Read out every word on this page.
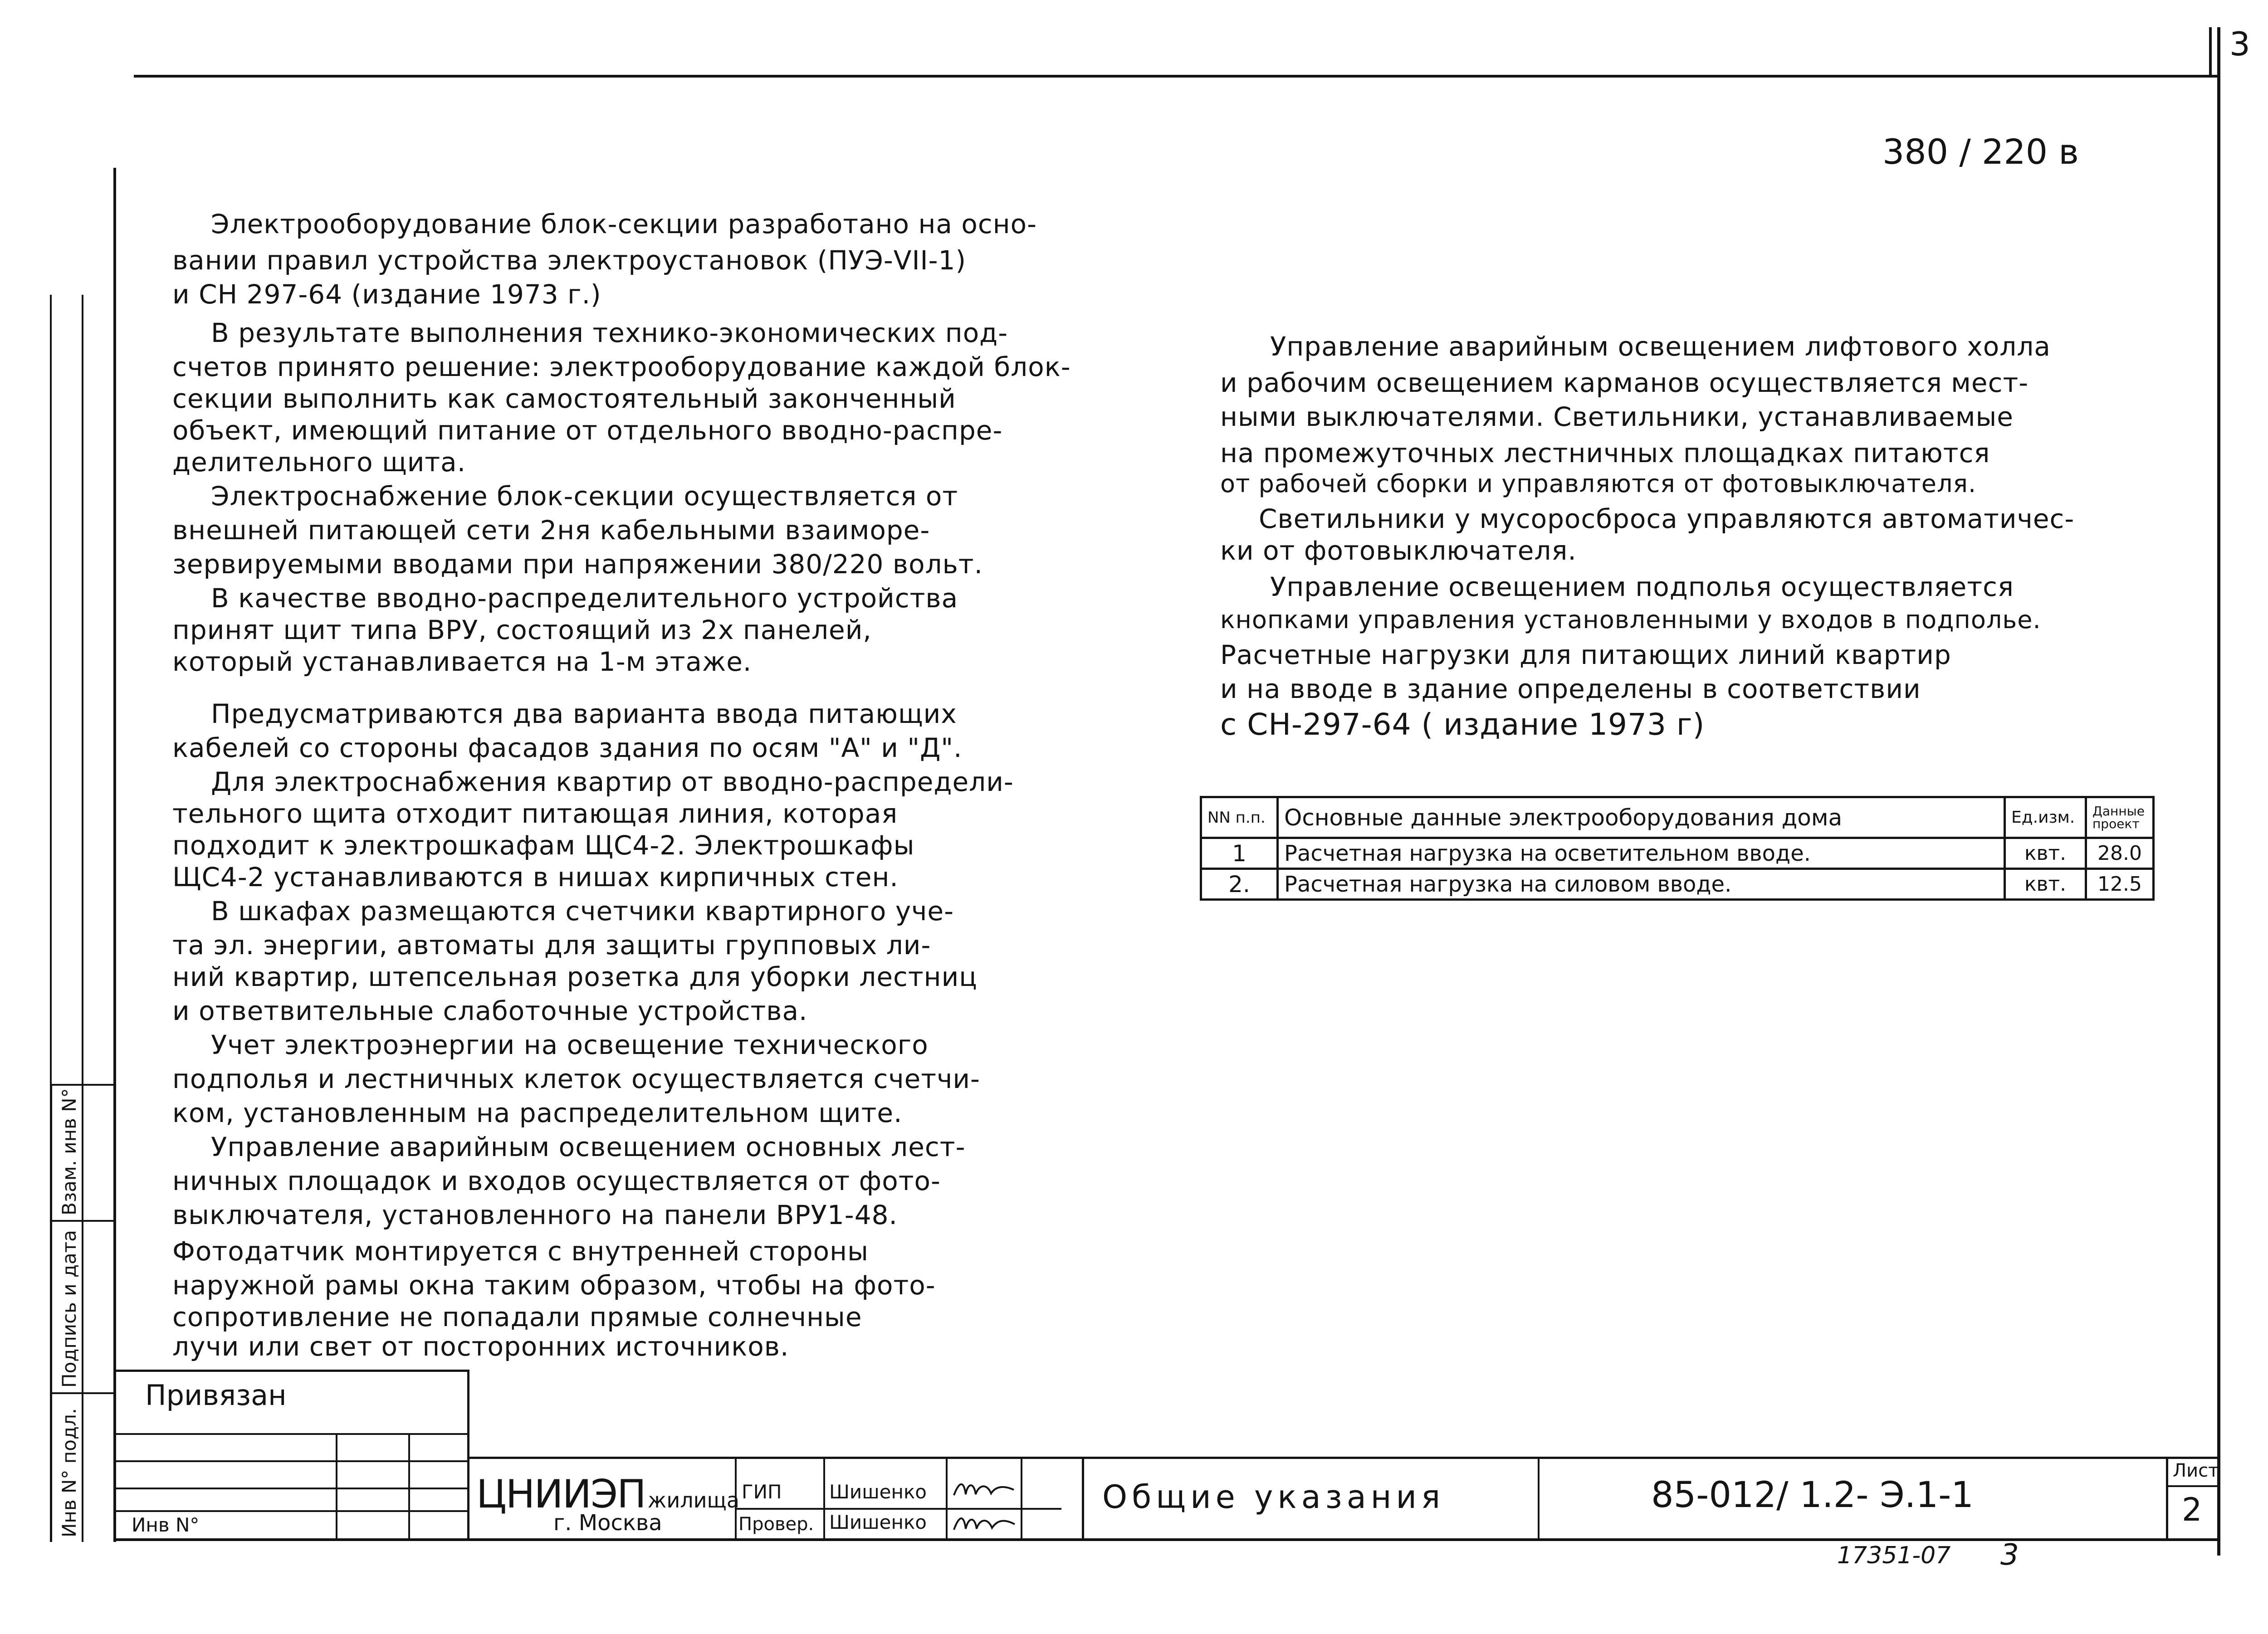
3
Взам. инв N°
Подпись и дата
Инв N° подл.
380 / 220 в
Электрооборудование блок-секции разработано на осно-
вании правил устройства электроустановок (ПУЭ-VII-1)
и СН 297-64 (издание 1973 г.)
В результате выполнения технико-экономических под-
счетов принято решение: электрооборудование каждой блок-
секции выполнить как самостоятельный законченный
объект, имеющий питание от отдельного вводно-распре-
делительного щита.
Электроснабжение блок-секции осуществляется от
внешней питающей сети 2ня кабельными взаиморе-
зервируемыми вводами при напряжении 380/220 вольт.
В качестве вводно-распределительного устройства
принят щит типа ВРУ, состоящий из 2х панелей,
который устанавливается на 1-м этаже.
Предусматриваются два варианта ввода питающих
кабелей со стороны фасадов здания по осям "А" и "Д".
Для электроснабжения квартир от вводно-распредели-
тельного щита отходит питающая линия, которая
подходит к электрошкафам ЩС4-2. Электрошкафы
ЩС4-2 устанавливаются в нишах кирпичных стен.
В шкафах размещаются счетчики квартирного уче-
та эл. энергии, автоматы для защиты групповых ли-
ний квартир, штепсельная розетка для уборки лестниц
и ответвительные слаботочные устройства.
Учет электроэнергии на освещение технического
подполья и лестничных клеток осуществляется счетчи-
ком, установленным на распределительном щите.
Управление аварийным освещением основных лест-
ничных площадок и входов осуществляется от фото-
выключателя, установленного на панели ВРУ1-48.
Фотодатчик монтируется с внутренней стороны
наружной рамы окна таким образом, чтобы на фото-
сопротивление не попадали прямые солнечные
лучи или свет от посторонних источников.
Управление аварийным освещением лифтового холла
и рабочим освещением карманов осуществляется мест-
ными выключателями. Светильники, устанавливаемые
на промежуточных лестничных площадках питаются
от рабочей сборки и управляются от фотовыключателя.
Светильники у мусоросброса управляются автоматичес-
ки от фотовыключателя.
Управление освещением подполья осуществляется
кнопками управления установленными у входов в подполье.
Расчетные нагрузки для питающих линий квартир
и на вводе в здание определены в соответствии
с СН-297-64 ( издание 1973 г)
NN п.п.	Основные данные электрооборудования дома	Ед.изм.	Данные проект
1	Расчетная нагрузка на осветительном вводе.	квт.	28.0
2.	Расчетная нагрузка на силовом вводе.	квт.	12.5
Привязан
Инв N°
ЦНИИЭП жилища
г. Москва
ГИП Шишенко
Провер. Шишенко
Общие указания	85-012/ 1.2- Э.1-1
Лист
2
17351-07 3
